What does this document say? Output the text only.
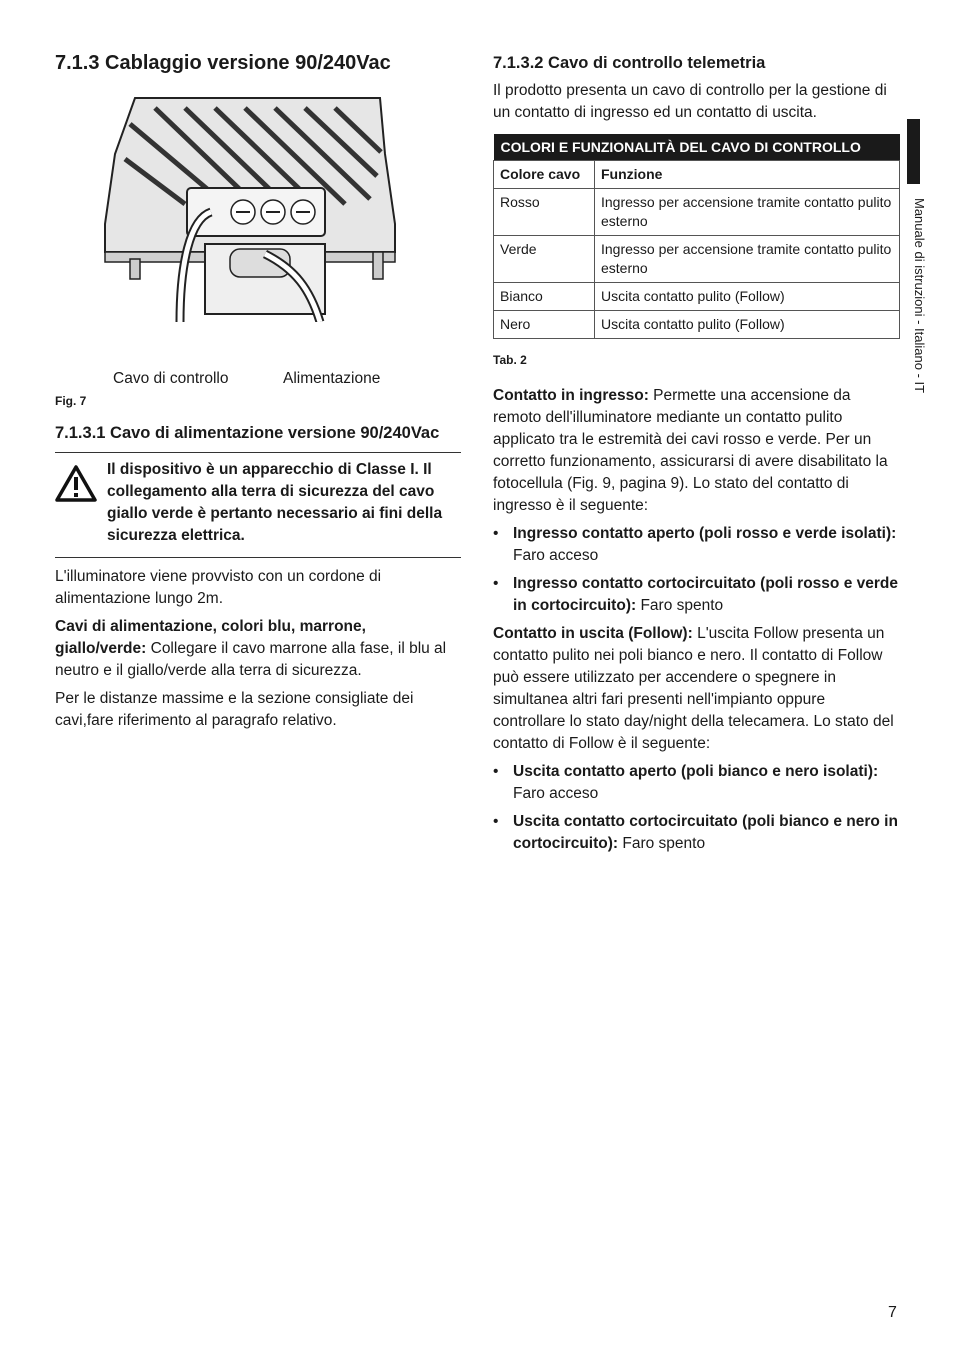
7.1.3 Cablaggio versione 90/240Vac
Cavo di controllo	Alimentazione
Fig. 7
7.1.3.1 Cavo di alimentazione versione 90/240Vac
Il dispositivo è un apparecchio di Classe I. Il collegamento alla terra di sicurezza del cavo giallo verde è pertanto necessario ai fini della sicurezza elettrica.

L'illuminatore viene provvisto con un cordone di alimentazione lungo 2m.

Cavi di alimentazione, colori blu, marrone, giallo/verde: Collegare il cavo marrone alla fase, il blu al neutro e il giallo/verde alla terra di sicurezza.

Per le distanze massime e la sezione consigliate dei cavi,fare riferimento al paragrafo relativo.

7.1.3.2 Cavo di controllo telemetria

Il prodotto presenta un cavo di controllo per la gestione di un contatto di ingresso ed un contatto di uscita.

COLORI E FUNZIONALITÀ DEL CAVO DI CONTROLLO	
Colore cavo	Funzione
Rosso	Ingresso per accensione tramite contatto pulito esterno
Verde	Ingresso per accensione tramite contatto pulito esterno
Bianco	Uscita contatto pulito (Follow)
Nero	Uscita contatto pulito (Follow)
Tab. 2

Contatto in ingresso: Permette una accensione da remoto dell'illuminatore mediante un contatto pulito applicato tra le estremità dei cavi rosso e verde. Per un corretto funzionamento, assicurarsi di avere disabilitato la fotocellula (Fig. 9, pagina 9). Lo stato del contatto di ingresso è il seguente:

• Ingresso contatto aperto (poli rosso e verde isolati): Faro acceso
• Ingresso contatto cortocircuitato (poli rosso e verde in cortocircuito): Faro spento

Contatto in uscita (Follow): L'uscita Follow presenta un contatto pulito nei poli bianco e nero. Il contatto di Follow può essere utilizzato per accendere o spegnere in simultanea altri fari presenti nell'impianto oppure controllare lo stato day/night della telecamera. Lo stato del contatto di Follow è il seguente:

• Uscita contatto aperto (poli bianco e nero isolati): Faro acceso
• Uscita contatto cortocircuitato (poli bianco e nero in cortocircuito): Faro spento
Manuale di istruzioni - Italiano - IT
7
